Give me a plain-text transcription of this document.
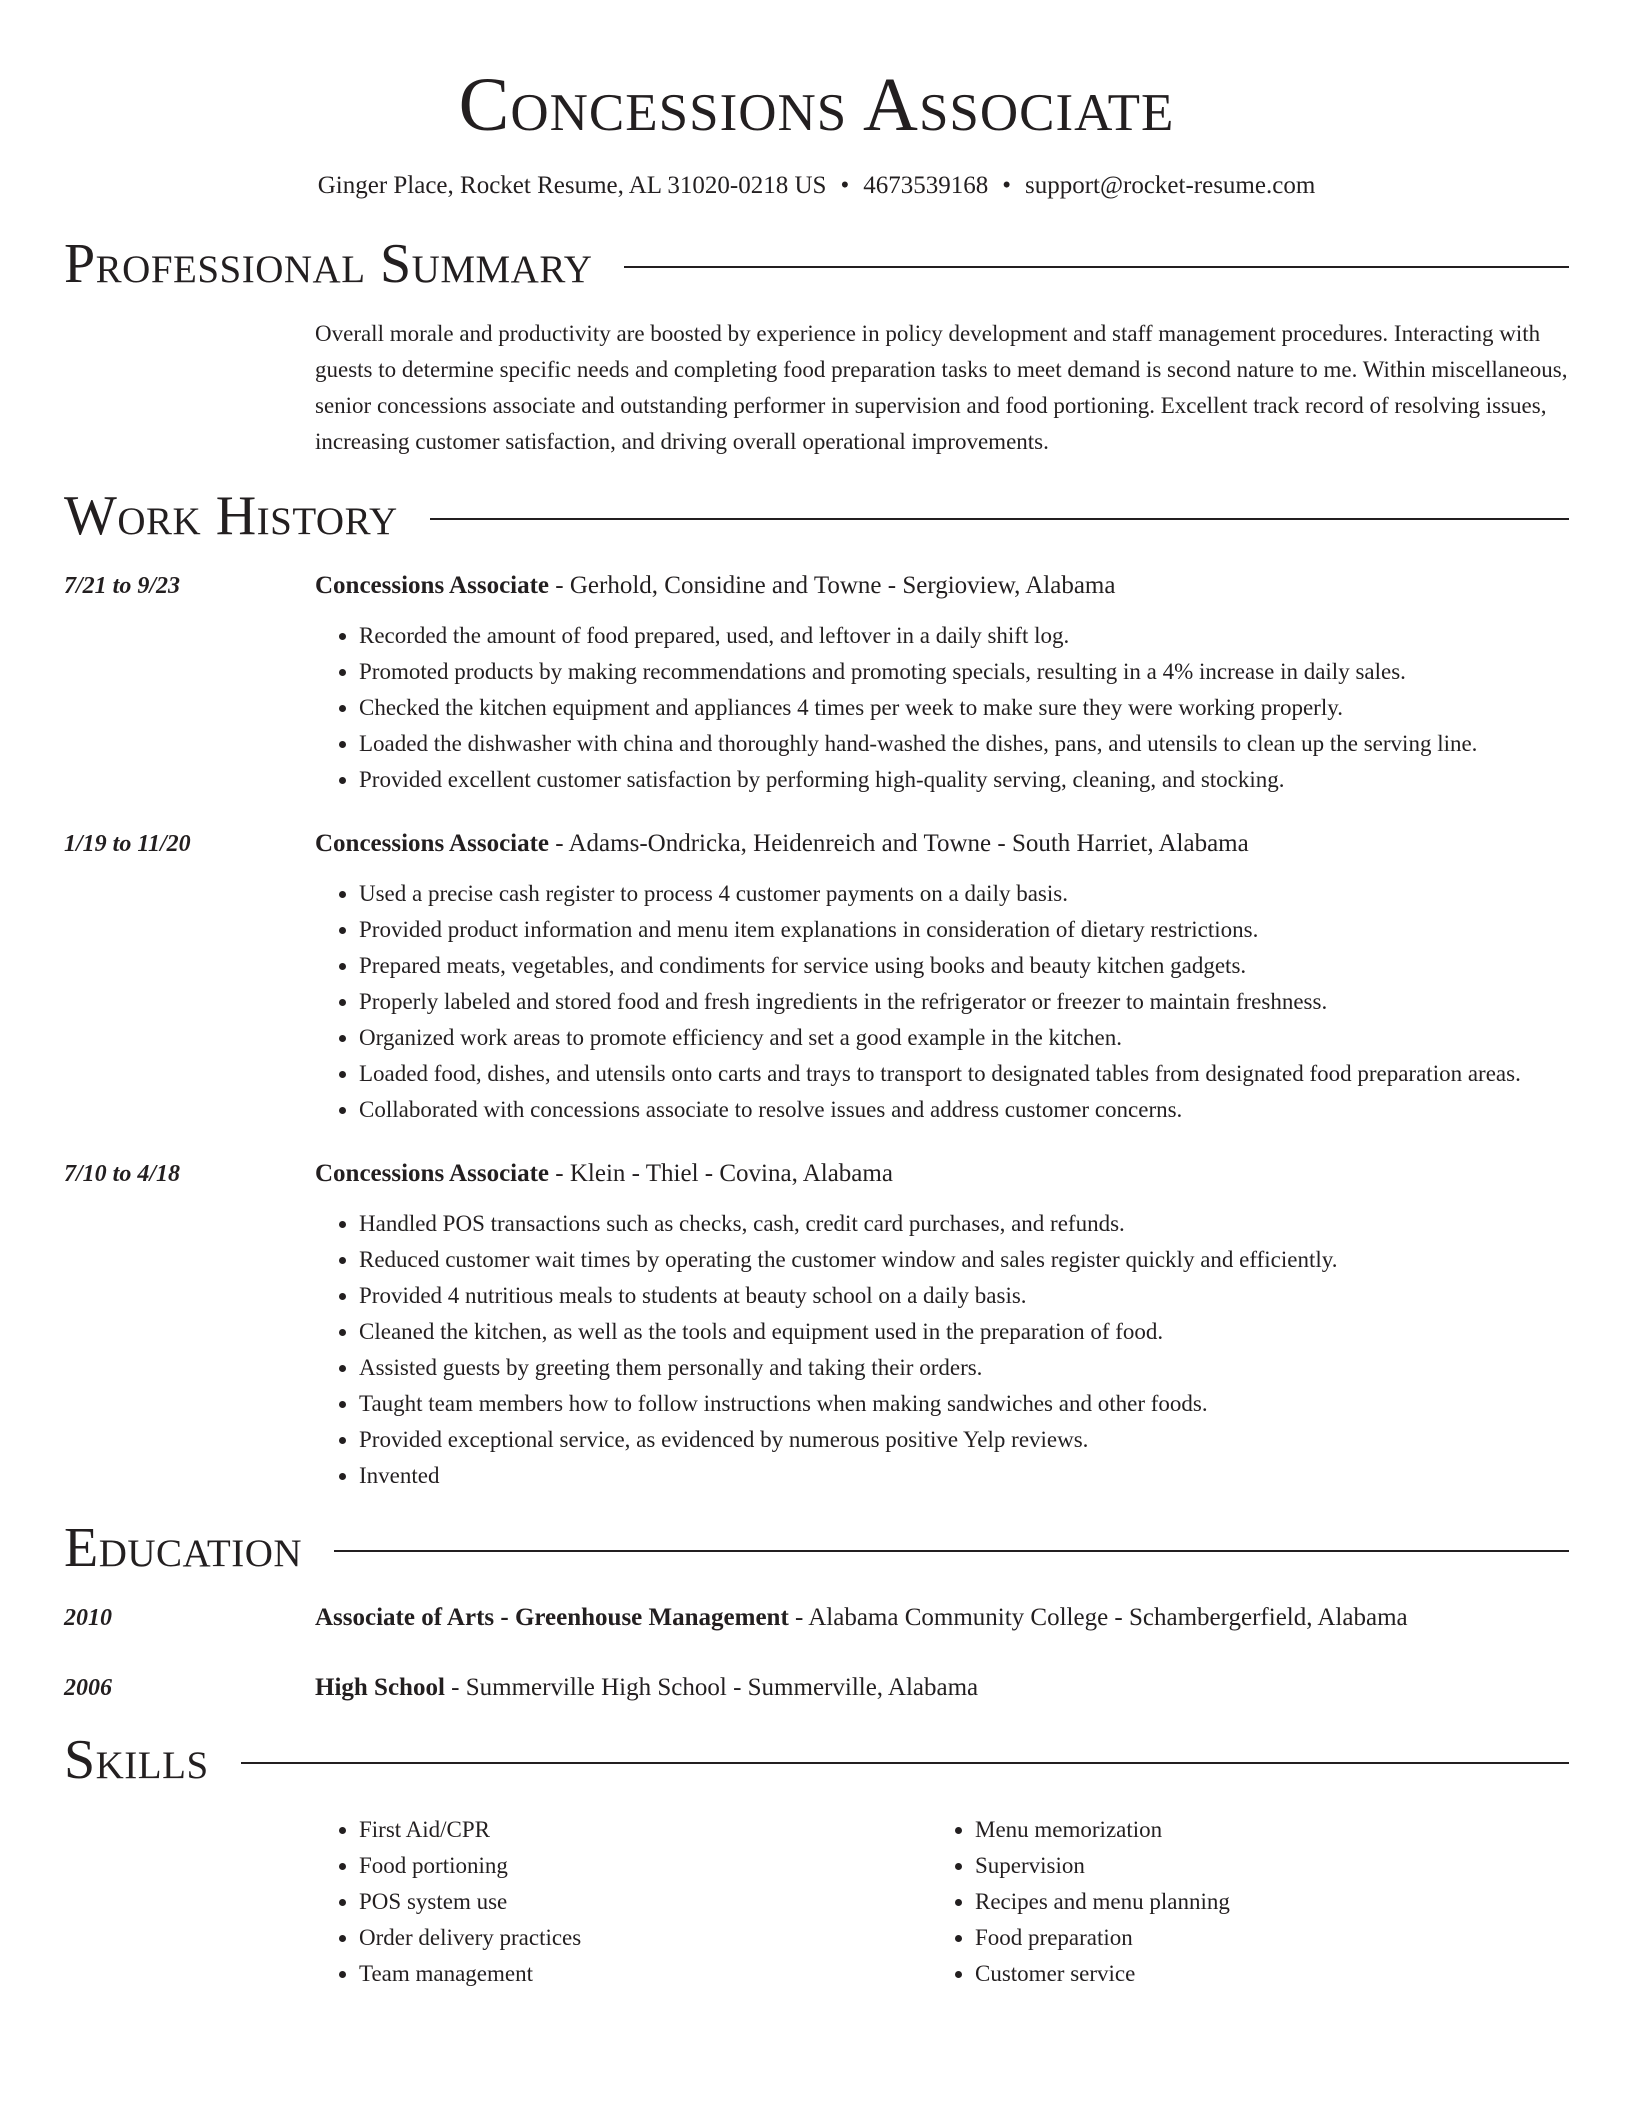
Concessions Associate
Ginger Place, Rocket Resume, AL 31020-0218 US • 4673539168 • support@rocket-resume.com
Professional Summary
Overall morale and productivity are boosted by experience in policy development and staff management procedures. Interacting with guests to determine specific needs and completing food preparation tasks to meet demand is second nature to me. Within miscellaneous, senior concessions associate and outstanding performer in supervision and food portioning. Excellent track record of resolving issues, increasing customer satisfaction, and driving overall operational improvements.
Work History
7/21 to 9/23	Concessions Associate - Gerhold, Considine and Towne - Sergioview, Alabama
• Recorded the amount of food prepared, used, and leftover in a daily shift log.
• Promoted products by making recommendations and promoting specials, resulting in a 4% increase in daily sales.
• Checked the kitchen equipment and appliances 4 times per week to make sure they were working properly.
• Loaded the dishwasher with china and thoroughly hand-washed the dishes, pans, and utensils to clean up the serving line.
• Provided excellent customer satisfaction by performing high-quality serving, cleaning, and stocking.
1/19 to 11/20	Concessions Associate - Adams-Ondricka, Heidenreich and Towne - South Harriet, Alabama
• Used a precise cash register to process 4 customer payments on a daily basis.
• Provided product information and menu item explanations in consideration of dietary restrictions.
• Prepared meats, vegetables, and condiments for service using books and beauty kitchen gadgets.
• Properly labeled and stored food and fresh ingredients in the refrigerator or freezer to maintain freshness.
• Organized work areas to promote efficiency and set a good example in the kitchen.
• Loaded food, dishes, and utensils onto carts and trays to transport to designated tables from designated food preparation areas.
• Collaborated with concessions associate to resolve issues and address customer concerns.
7/10 to 4/18	Concessions Associate - Klein - Thiel - Covina, Alabama
• Handled POS transactions such as checks, cash, credit card purchases, and refunds.
• Reduced customer wait times by operating the customer window and sales register quickly and efficiently.
• Provided 4 nutritious meals to students at beauty school on a daily basis.
• Cleaned the kitchen, as well as the tools and equipment used in the preparation of food.
• Assisted guests by greeting them personally and taking their orders.
• Taught team members how to follow instructions when making sandwiches and other foods.
• Provided exceptional service, as evidenced by numerous positive Yelp reviews.
• Invented
Education
2010	Associate of Arts - Greenhouse Management - Alabama Community College - Schambergerfield, Alabama
2006	High School - Summerville High School - Summerville, Alabama
Skills
• First Aid/CPR
• Food portioning
• POS system use
• Order delivery practices
• Team management
• Menu memorization
• Supervision
• Recipes and menu planning
• Food preparation
• Customer service
